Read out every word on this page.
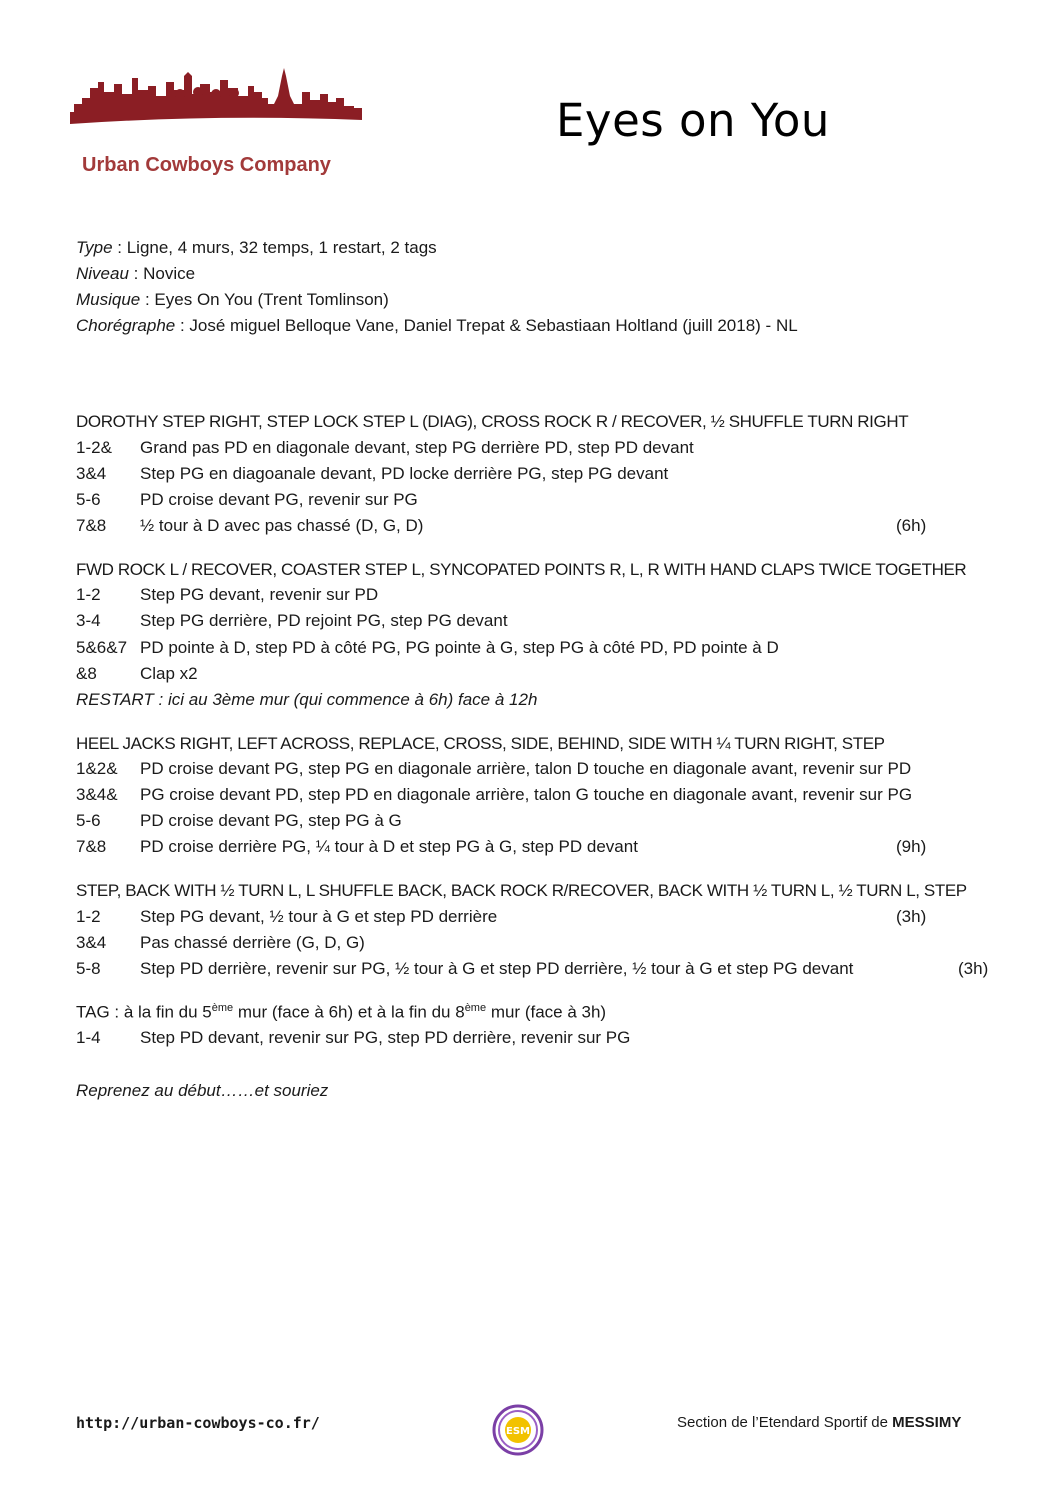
Urban Cowboys Company
Eyes on You
Type : Ligne, 4 murs, 32 temps, 1 restart, 2 tags
Niveau : Novice
Musique : Eyes On You (Trent Tomlinson)
Chorégraphe : José miguel Belloque Vane, Daniel Trepat & Sebastiaan Holtland (juill 2018) - NL
DOROTHY STEP RIGHT, STEP LOCK STEP L (DIAG), CROSS ROCK R / RECOVER, ½ SHUFFLE TURN RIGHT
1-2& Grand pas PD en diagonale devant, step PG derrière PD, step PD devant
3&4 Step PG en diagoanale devant, PD locke derrière PG, step PG devant
5-6 PD croise devant PG, revenir sur PG
7&8 ½ tour à D avec pas chassé (D, G, D)	(6h)
FWD ROCK L / RECOVER, COASTER STEP L, SYNCOPATED POINTS R, L, R WITH HAND CLAPS TWICE TOGETHER
1-2 Step PG devant, revenir sur PD
3-4 Step PG derrière, PD rejoint PG, step PG devant
5&6&7 PD pointe à D, step PD à côté PG, PG pointe à G, step PG à côté PD, PD pointe à D
&8	Clap x2
RESTART : ici au 3ème mur (qui commence à 6h) face à 12h
HEEL JACKS RIGHT, LEFT ACROSS, REPLACE, CROSS, SIDE, BEHIND, SIDE WITH ¼ TURN RIGHT, STEP
1&2& PD croise devant PG, step PG en diagonale arrière, talon D touche en diagonale avant, revenir sur PD
3&4& PG croise devant PD, step PD en diagonale arrière, talon G touche en diagonale avant, revenir sur PG
5-6 PD croise devant PG, step PG à G
7&8 PD croise derrière PG, ¼ tour à D et step PG à G, step PD devant	(9h)
STEP, BACK WITH ½ TURN L, L SHUFFLE BACK, BACK ROCK R/RECOVER, BACK WITH ½ TURN L, ½ TURN L, STEP
1-2 Step PG devant, ½ tour à G et step PD derrière	(3h)
3&4 Pas chassé derrière (G, D, G)
5-8 Step PD derrière, revenir sur PG, ½ tour à G et step PD derrière, ½ tour à G et step PG devant	(3h)
TAG : à la fin du 5ème mur (face à 6h) et à la fin du 8ème mur (face à 3h)
1-4 Step PD devant, revenir sur PG, step PD derrière, revenir sur PG
Reprenez au début……et souriez
http://urban-cowboys-co.fr/	ESM
Section de l’Etendard Sportif de MESSIMY
